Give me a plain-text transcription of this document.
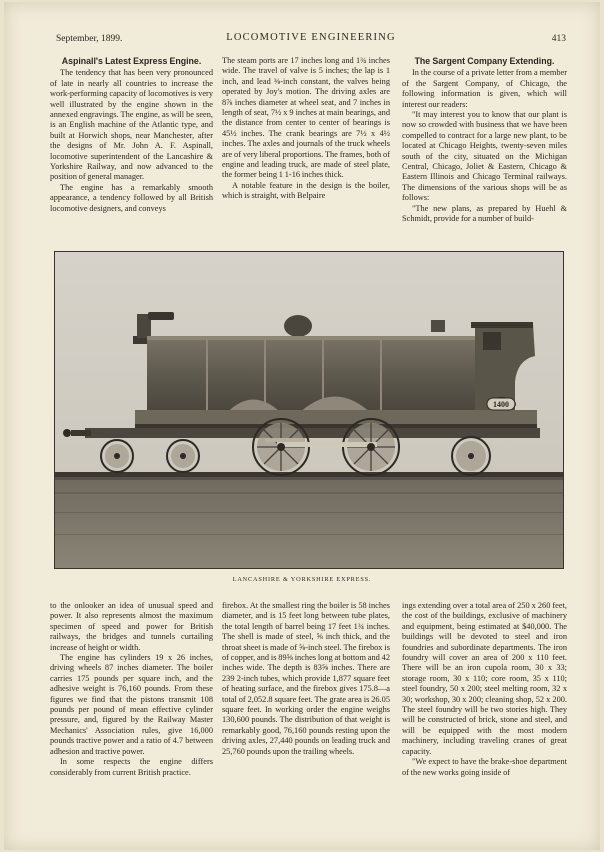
September, 1899.	LOCOMOTIVE ENGINEERING	413
Aspinall's Latest Express Engine.

The tendency that has been very pronounced of late in nearly all countries to increase the work-performing capacity of locomotives is very well illustrated by the engine shown in the annexed engravings. The engine, as will be seen, is an English machine of the Atlantic type, and built at Horwich shops, near Manchester, after the designs of Mr. John A. F. Aspinall, locomotive superintendent of the Lancashire & Yorkshire Railway, and now advanced to the position of general manager.

The engine has a remarkably smooth appearance, a tendency followed by all British locomotive designers, and conveys

The steam ports are 17 inches long and 1¾ inches wide. The travel of valve is 5 inches; the lap is 1 inch, and lead ⅜-inch constant, the valves being operated by Joy's motion. The driving axles are 8⅞ inches diameter at wheel seat, and 7 inches in length of seat, 7½ x 9 inches at main bearings, and the distance from center to center of bearings is 45½ inches. The crank bearings are 7½ x 4½ inches. The axles and journals of the truck wheels are of very liberal proportions. The frames, both of engine and leading truck, are made of steel plate, the former being 1 1-16 inches thick.

A notable feature in the design is the boiler, which is straight, with Belpaire

The Sargent Company Extending.

In the course of a private letter from a member of the Sargent Company, of Chicago, the following information is given, which will interest our readers:

"It may interest you to know that our plant is now so crowded with business that we have been compelled to contract for a large new plant, to be located at Chicago Heights, twenty-seven miles south of the city, situated on the Michigan Central, Chicago, Joliet & Eastern, Chicago & Eastern Illinois and Chicago Terminal railways. The dimensions of the various shops will be as follows:

"The new plans, as prepared by Huehl & Schmidt, provide for a number of build-

1400
LANCASHIRE & YORKSHIRE EXPRESS.

to the onlooker an idea of unusual speed and power. It also represents almost the maximum specimen of speed and power for British railways, the bridges and tunnels curtailing increase of height or width.

The engine has cylinders 19 x 26 inches, driving wheels 87 inches diameter. The boiler carries 175 pounds per square inch, and the adhesive weight is 76,160 pounds. From these figures we find that the pistons transmit 108 pounds per pound of mean effective cylinder pressure, and, figured by the Railway Master Mechanics' Association rules, give 16,000 pounds tractive power and a ratio of 4.7 between adhesion and tractive power.

In some respects the engine differs considerably from current British practice.

firebox. At the smallest ring the boiler is 58 inches diameter, and is 15 feet long between tube plates, the total length of barrel being 17 feet 1¾ inches. The shell is made of steel, ⅝ inch thick, and the throat sheet is made of ⅝-inch steel. The firebox is of copper, and is 89⅝ inches long at bottom and 42 inches wide. The depth is 83⅝ inches. There are 239 2-inch tubes, which provide 1,877 square feet of heating surface, and the firebox gives 175.8—a total of 2,052.8 square feet. The grate area is 26.05 square feet. In working order the engine weighs 130,600 pounds. The distribution of that weight is remarkably good, 76,160 pounds resting upon the driving axles, 27,440 pounds on leading truck and 25,760 pounds upon the trailing wheels.

ings extending over a total area of 250 x 260 feet, the cost of the buildings, exclusive of machinery and equipment, being estimated at $40,000. The buildings will be devoted to steel and iron foundries and subordinate departments. The iron foundry will cover an area of 200 x 110 feet. There will be an iron cupola room, 30 x 33; storage room, 30 x 110; core room, 35 x 110; steel foundry, 50 x 200; steel melting room, 32 x 30; workshop, 30 x 200; cleaning shop, 52 x 200. The steel foundry will be two stories high. They will be constructed of brick, stone and steel, and will be equipped with the most modern machinery, including traveling cranes of great capacity.

"We expect to have the brake-shoe department of the new works going inside of
